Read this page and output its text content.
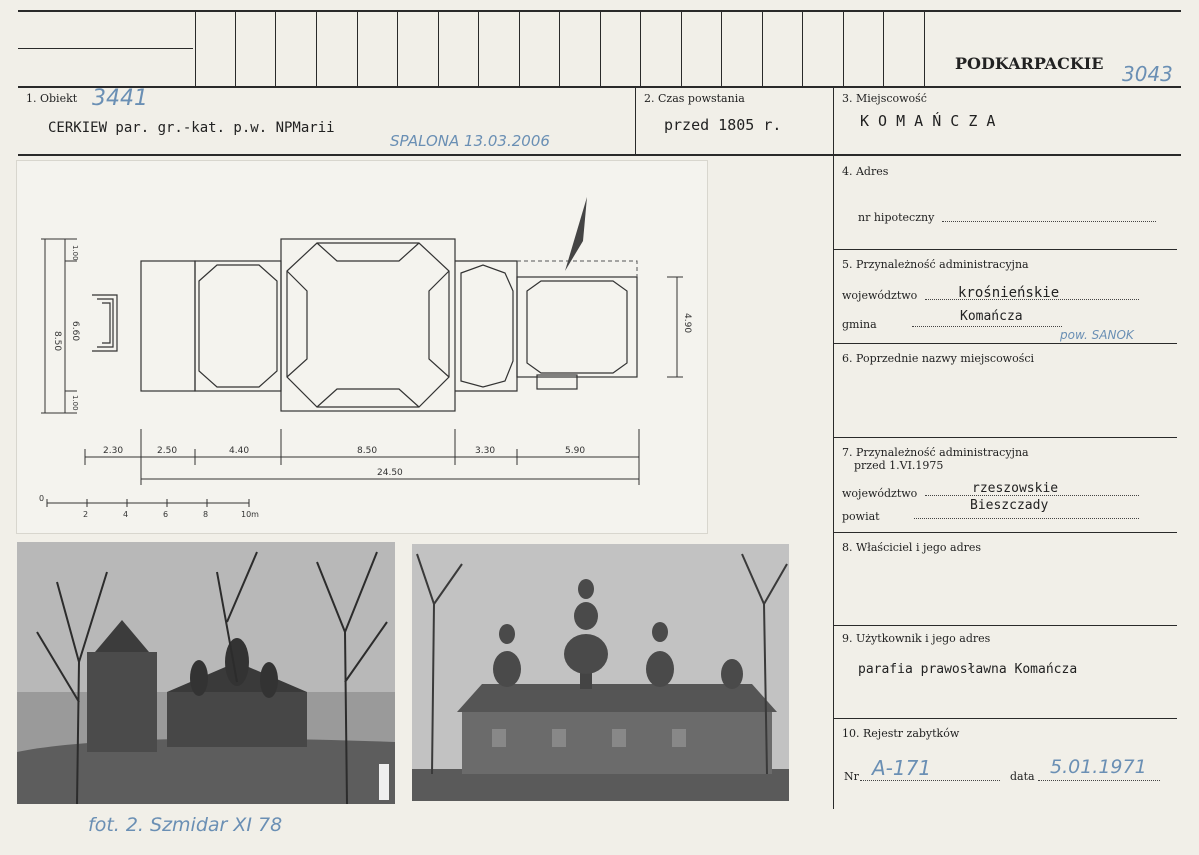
PODKARPACKIE 3043
1. Obiekt 3441
CERKIEW par. gr.-kat. p.w. NPMarii
SPALONA 13.03.2006
2. Czas powstania
przed 1805 r.
3. Miejscowość
K O M A Ń C Z A
4. Adres
nr hipoteczny
5. Przynależność administracyjna
województwo	krośnieńskie
gmina
Komańcza
pow. SANOK
6. Poprzednie nazwy miejscowości
7. Przynależność administracyjna
przed 1.VI.1975
województwo	rzeszowskie
powiat
Bieszczady
8. Właściciel i jego adres
9. Użytkownik i jego adres
parafia prawosławna Komańcza
10. Rejestr zabytków
Nr A-171	data 5.01.1971
2.30	2.50	4.40	8.50	3.30	5.90
24.50
0
2	4	6	8	10m
8.50 6.60
1.00
1.00
4.90
fot. 2. Szmidar XI 78
